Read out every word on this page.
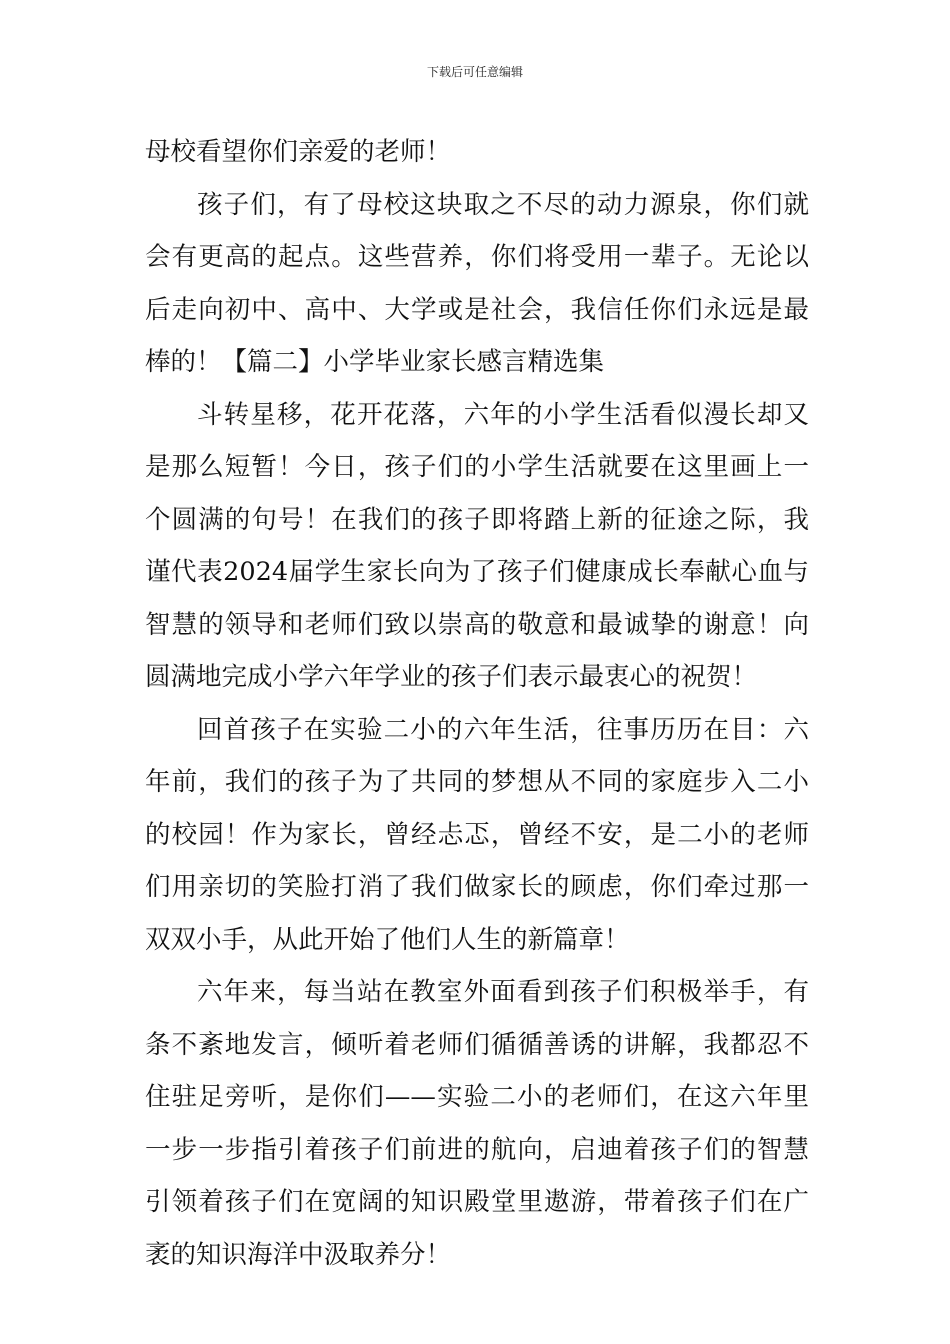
下载后可任意编辑
母校看望你们亲爱的老师！
孩子们，有了母校这块取之不尽的动力源泉，你们就
会有更高的起点。这些营养，你们将受用一辈子。无论以
后走向初中、高中、大学或是社会，我信任你们永远是最
棒的！【篇二】小学毕业家长感言精选集
斗转星移，花开花落，六年的小学生活看似漫长却又
是那么短暂！今日，孩子们的小学生活就要在这里画上一
个圆满的句号！在我们的孩子即将踏上新的征途之际，我
谨代表2024届学生家长向为了孩子们健康成长奉献心血与
智慧的领导和老师们致以崇高的敬意和最诚挚的谢意！向
圆满地完成小学六年学业的孩子们表示最衷心的祝贺！
回首孩子在实验二小的六年生活，往事历历在目：六
年前，我们的孩子为了共同的梦想从不同的家庭步入二小
的校园！作为家长，曾经忐忑，曾经不安，是二小的老师
们用亲切的笑脸打消了我们做家长的顾虑，你们牵过那一
双双小手，从此开始了他们人生的新篇章！
六年来，每当站在教室外面看到孩子们积极举手，有
条不紊地发言，倾听着老师们循循善诱的讲解，我都忍不
住驻足旁听，是你们——实验二小的老师们，在这六年里
一步一步指引着孩子们前进的航向，启迪着孩子们的智慧
引领着孩子们在宽阔的知识殿堂里遨游，带着孩子们在广
袤的知识海洋中汲取养分！
